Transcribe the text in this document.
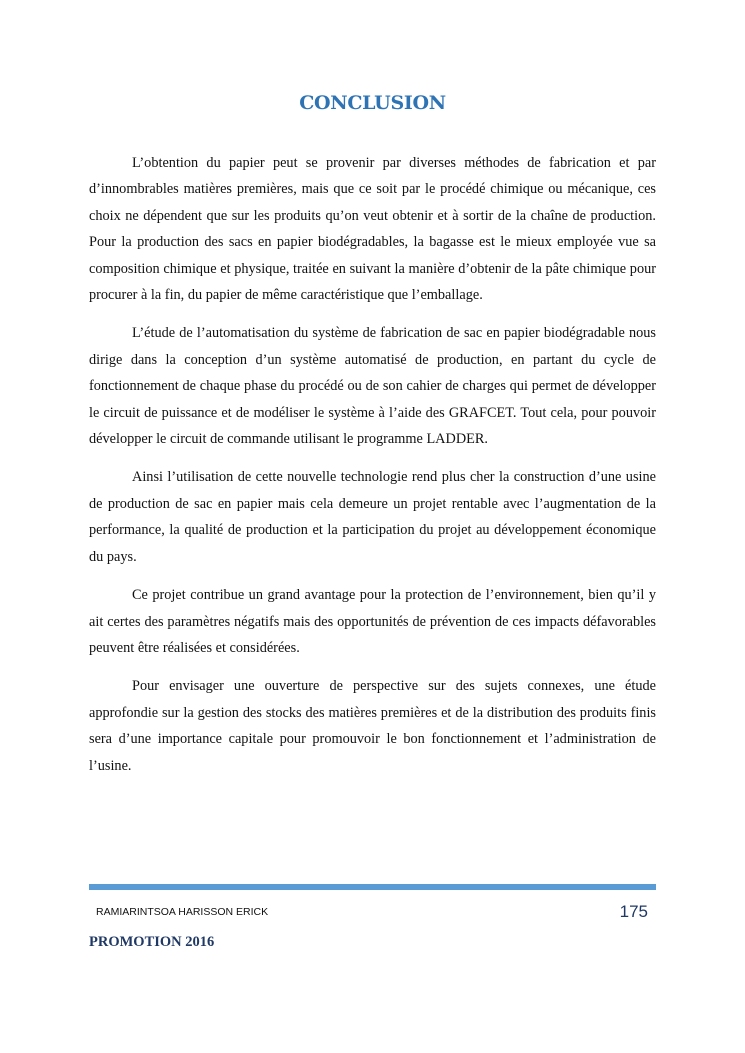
CONCLUSION

L’obtention du papier peut se provenir par diverses méthodes de fabrication et par d’innombrables matières premières, mais que ce soit par le procédé chimique ou mécanique, ces choix ne dépendent que sur les produits qu’on veut obtenir et à sortir de la chaîne de production. Pour la production des sacs en papier biodégradables, la bagasse est le mieux employée vue sa composition chimique et physique, traitée en suivant la manière d’obtenir de la pâte chimique pour procurer à la fin, du papier de même caractéristique que l’emballage.

L’étude de l’automatisation du système de fabrication de sac en papier biodégradable nous dirige dans la conception d’un système automatisé de production, en partant du cycle de fonctionnement de chaque phase du procédé ou de son cahier de charges qui permet de développer le circuit de puissance et de modéliser le système à l’aide des GRAFCET. Tout cela, pour pouvoir développer le circuit de commande utilisant le programme LADDER.

Ainsi l’utilisation de cette nouvelle technologie rend plus cher la construction d’une usine de production de sac en papier mais cela demeure un projet rentable avec l’augmentation de la performance, la qualité de production et la participation du projet au développement économique du pays.

Ce projet contribue un grand avantage pour la protection de l’environnement, bien qu’il y ait certes des paramètres négatifs mais des opportunités de prévention de ces impacts défavorables peuvent être réalisées et considérées.

Pour envisager une ouverture de perspective sur des sujets connexes, une étude approfondie sur la gestion des stocks des matières premières et de la distribution des produits finis sera d’une importance capitale pour promouvoir le bon fonctionnement et l’administration de l’usine.

RAMIARINTSOA HARISSON ERICK	175
PROMOTION 2016
